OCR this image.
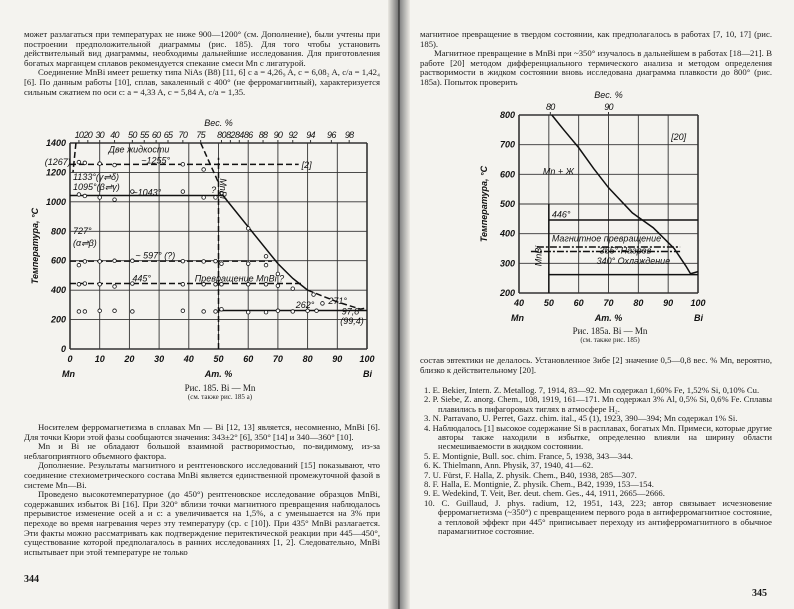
может разлагаться при температурах не ниже 900—1200° (см. Дополнение), были учтены при построении предположительной диаграммы (рис. 185). Для того чтобы установить действительный вид диаграммы, необходимы дальнейшие исследования. Для приготовления богатых марганцем сплавов рекомендуется спекание смеси Mn с лигатурой.

Соединение MnBi имеет решетку типа NiAs (B8) [11, 6] с a = 4,26₉ A, c = 6,08₂ A, c/a = 1,42₄ [6]. По данным работы [10], сплав, закаленный с 400° (не ферромагнитный), характеризуется сильным сжатием по оси c: a = 4,33 A, c = 5,84 A, c/a = 1,35.

0 10 20 30 40 50 60 70 80 90 100
0
200
400
600
800
1000
1200
1400
10 20 30 40 50 55 60 65 70 75 80 82 84 86 88 90 92 94 96 98
Bec. %
Am. %
Mn	Bi
Температура, °C
Две жидкости
~1255°
(1267)
1133°(γ⇌δ)
1095°(β⇌γ)
~1043°
727°
(α⇌β)
~ 597° (?)
445°	Превращение MnBi ?
262° 271°
97,8
(99,4)
[2]
MnBi
?
Рис. 185. Bi — Mn
(см. также рис. 185 а)

Носителем ферромагнетизма в сплавах Mn — Bi [12, 13] является, несомненно, MnBi [6]. Для точки Кюри этой фазы сообщаются значения: 343±2° [6], 350° [14] и 340—360° [10].

Mn и Bi не обладают большой взаимной растворимостью, по-видимому, из-за неблагоприятного объемного фактора.

Дополнение. Результаты магнитного и рентгеновского исследований [15] показывают, что соединение стехиометрического состава MnBi является единственной промежуточной фазой в системе Mn—Bi.

Проведено высокотемпературное (до 450°) рентгеновское исследование образцов MnBi, содержавших избыток Bi [16]. При 320° вблизи точки магнитного превращения наблюдалось прерывистое изменение осей a и c: a увеличивается на 1,5%, а c уменьшается на 3% при переходе во время нагревания через эту температуру (ср. с [10]). При 435° MnBi разлагается. Эти факты можно рассматривать как подтверждение перитектической реакции при 445—450°, существование которой предполагалось в ранних исследованиях [1, 2]. Следовательно, MnBi испытывает при этой температуре не только

344

магнитное превращение в твердом состоянии, как предполагалось в работах [7, 10, 17] (рис. 185).

Магнитное превращение в MnBi при ~350° изучалось в дальнейшем в работах [18—21]. В работе [20] методом дифференциального термического анализа и методом определения растворимости в жидком состоянии вновь исследована диаграмма плавкости до 800° (рис. 185а). Попыток проверить

40 50 60 70 80 90 100
200
300
400
500
600
700
800
80	90
Bec. %
Am. %
Mn	Bi
Температура, °C
[20]
Mn + Ж
446°
Магнитное превращение
355° Нагрев
340° Охлаждение
MnBi
Рис. 185а. Bi — Mn
(см. также рис. 185)

состав эвтектики не делалось. Установленное Зибе [2] значение 0,5—0,8 вес. % Mn, вероятно, близко к действительному [20].

1. E. Bekier, Intern. Z. Metallog. 7, 1914, 83—92. Mn содержал 1,60% Fe, 1,52% Si, 0,10% Cu.
2. P. Siebe, Z. anorg. Chem., 108, 1919, 161—171. Mn содержал 3% Al, 0,5% Si, 0,6% Fe. Сплавы плавились в пифагоровых тиглях в атмосфере H₂.
3. N. Parravano, U. Perret, Gazz. chim. ital., 45 (1), 1923, 390—394; Mn содержал 1% Si.
4. Наблюдалось [1] высокое содержание Si в расплавах, богатых Mn. Примеси, которые другие авторы также находили в избытке, определенно влияли на ширину области несмешиваемости в жидком состоянии.
5. E. Montignie, Bull. soc. chim. France, 5, 1938, 343—344.
6. K. Thielmann, Ann. Physik, 37, 1940, 41—62.
7. U. Fürst, F. Halla, Z. physik. Chem., B40, 1938, 285—307.
8. F. Halla, E. Montignie, Z. physik. Chem., B42, 1939, 153—154.
9. E. Wedekind, T. Veit, Ber. deut. chem. Ges., 44, 1911, 2665—2666.
10. C. Guillaud, J. phys. radium, 12, 1951, 143, 223; автор связывает исчезновение ферромагнетизма (~350°) с превращением первого рода в антиферромагнитное состояние, а тепловой эффект при 445° приписывает переходу из антиферромагнитного в обычное парамагнитное состояние.
345
